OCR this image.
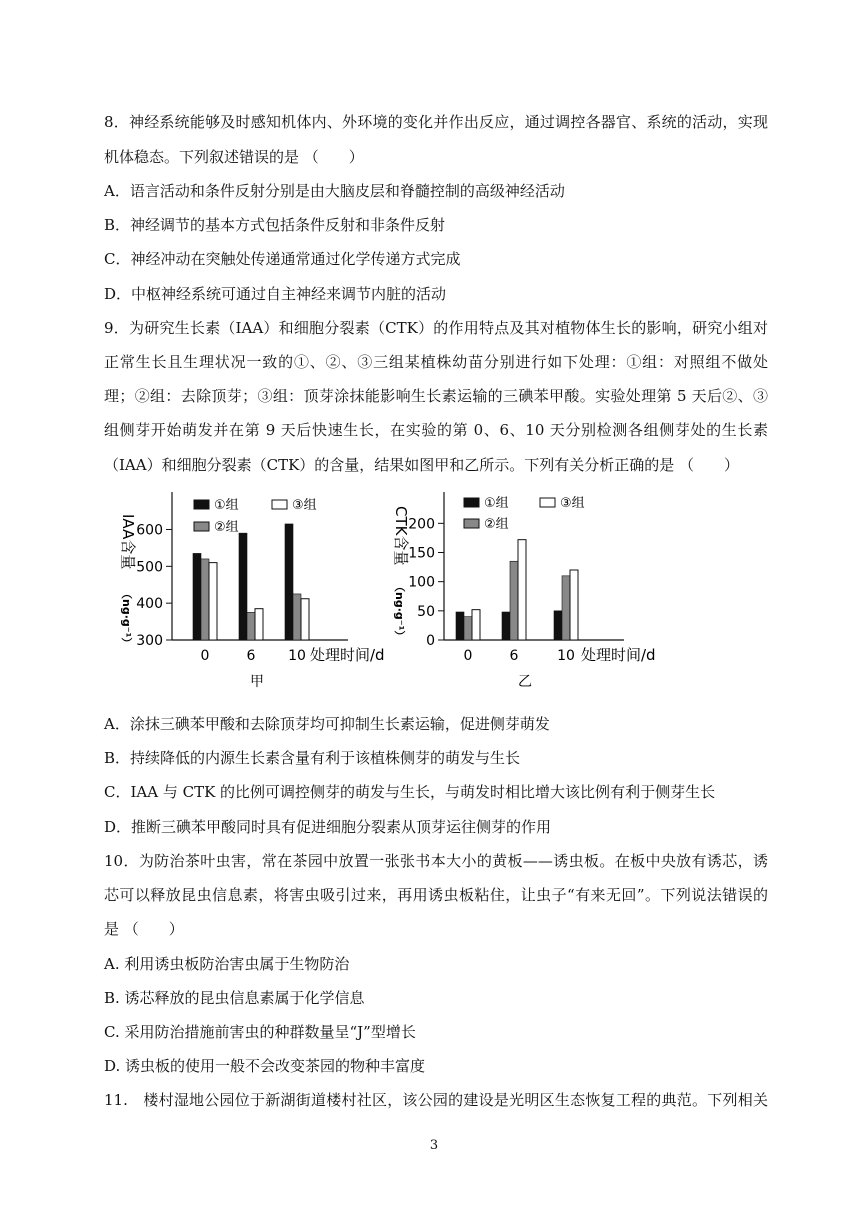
8．神经系统能够及时感知机体内、外环境的变化并作出反应，通过调控各器官、系统的活动，实现
机体稳态。下列叙述错误的是 （　　）
A．语言活动和条件反射分别是由大脑皮层和脊髓控制的高级神经活动
B．神经调节的基本方式包括条件反射和非条件反射
C．神经冲动在突触处传递通常通过化学传递方式完成
D．中枢神经系统可通过自主神经来调节内脏的活动
9．为研究生长素（IAA）和细胞分裂素（CTK）的作用特点及其对植物体生长的影响，研究小组对
正常生长且生理状况一致的①、②、③三组某植株幼苗分别进行如下处理：①组：对照组不做处
理；②组：去除顶芽；③组：顶芽涂抹能影响生长素运输的三碘苯甲酸。实验处理第 5 天后②、③
组侧芽开始萌发并在第 9 天后快速生长，在实验的第 0、6、10 天分别检测各组侧芽处的生长素
（IAA）和细胞分裂素（CTK）的含量，结果如图甲和乙所示。下列有关分析正确的是 （　　）
IAA含量
（ng·g⁻¹） 300
400
500
600
0	6 10
①组
②组
③组
处理时间/d
甲
CTK含量
（ng·g⁻¹） 0
50
100
150
200
0	6	10
①组
②组
③组
处理时间/d
乙
A．涂抹三碘苯甲酸和去除顶芽均可抑制生长素运输，促进侧芽萌发
B．持续降低的内源生长素含量有利于该植株侧芽的萌发与生长
C．IAA 与 CTK 的比例可调控侧芽的萌发与生长，与萌发时相比增大该比例有利于侧芽生长
D．推断三碘苯甲酸同时具有促进细胞分裂素从顶芽运往侧芽的作用
10．为防治茶叶虫害，常在茶园中放置一张张书本大小的黄板——诱虫板。在板中央放有诱芯，诱
芯可以释放昆虫信息素，将害虫吸引过来，再用诱虫板粘住，让虫子“有来无回”。下列说法错误的
是 （　　）
A. 利用诱虫板防治害虫属于生物防治
B. 诱芯释放的昆虫信息素属于化学信息
C. 采用防治措施前害虫的种群数量呈“J”型增长
D. 诱虫板的使用一般不会改变茶园的物种丰富度
11.　楼村湿地公园位于新湖街道楼村社区，该公园的建设是光明区生态恢复工程的典范。下列相关
3
